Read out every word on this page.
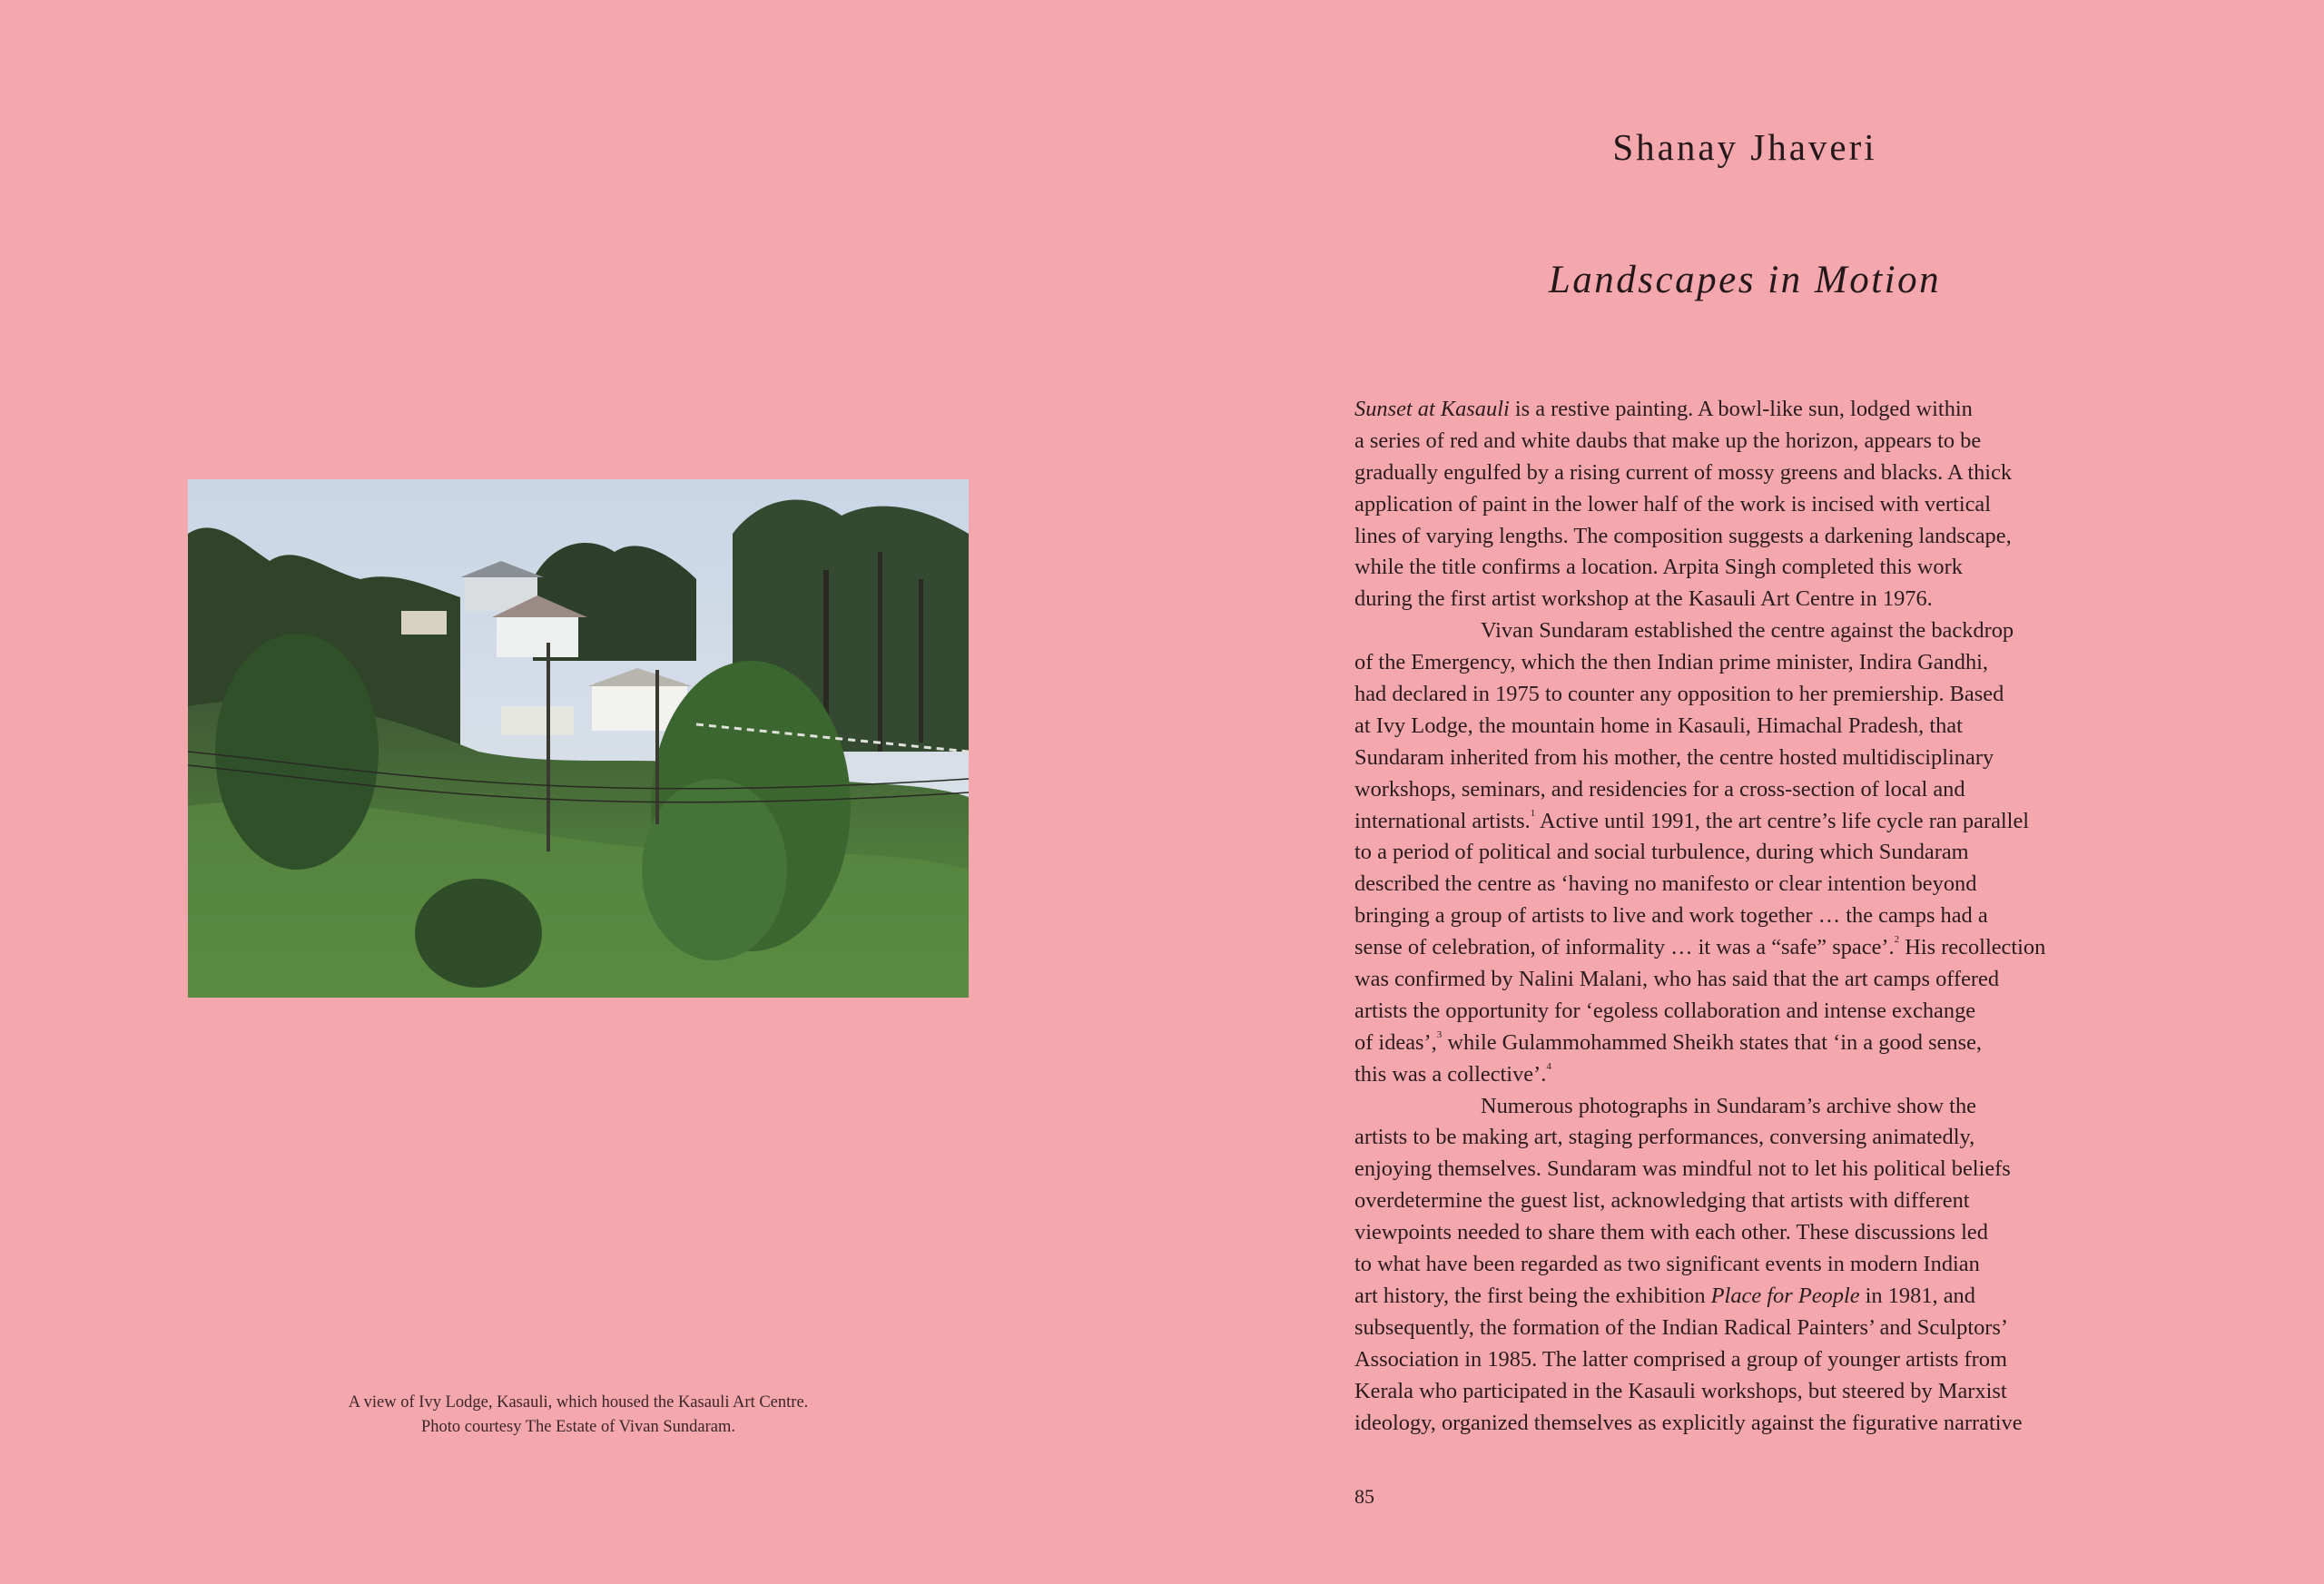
A view of Ivy Lodge, Kasauli, which housed the Kasauli Art Centre.
Photo courtesy The Estate of Vivan Sundaram.
Shanay Jhaveri
Landscapes in Motion
Sunset at Kasauli is a restive painting. A bowl-like sun, lodged within
a series of red and white daubs that make up the horizon, appears to be
gradually engulfed by a rising current of mossy greens and blacks. A thick
application of paint in the lower half of the work is incised with vertical
lines of varying lengths. The composition suggests a darkening landscape,
while the title confirms a location. Arpita Singh completed this work
during the first artist workshop at the Kasauli Art Centre in 1976.
Vivan Sundaram established the centre against the backdrop
of the Emergency, which the then Indian prime minister, Indira Gandhi,
had declared in 1975 to counter any opposition to her premiership. Based
at Ivy Lodge, the mountain home in Kasauli, Himachal Pradesh, that
Sundaram inherited from his mother, the centre hosted multidisciplinary
workshops, seminars, and residencies for a cross-section of local and
international artists.$^1$ Active until 1991, the art centre’s life cycle ran parallel
to a period of political and social turbulence, during which Sundaram
described the centre as ‘having no manifesto or clear intention beyond
bringing a group of artists to live and work together … the camps had a
sense of celebration, of informality … it was a “safe” space’.$^2$ His recollection
was confirmed by Nalini Malani, who has said that the art camps offered
artists the opportunity for ‘egoless collaboration and intense exchange
of ideas’,$^3$ while Gulammohammed Sheikh states that ‘in a good sense,
this was a collective’.$^4$
Numerous photographs in Sundaram’s archive show the
artists to be making art, staging performances, conversing animatedly,
enjoying themselves. Sundaram was mindful not to let his political beliefs
overdetermine the guest list, acknowledging that artists with different
viewpoints needed to share them with each other. These discussions led
to what have been regarded as two significant events in modern Indian
art history, the first being the exhibition Place for People in 1981, and
subsequently, the formation of the Indian Radical Painters’ and Sculptors’
Association in 1985. The latter comprised a group of younger artists from
Kerala who participated in the Kasauli workshops, but steered by Marxist
ideology, organized themselves as explicitly against the figurative narrative
85
